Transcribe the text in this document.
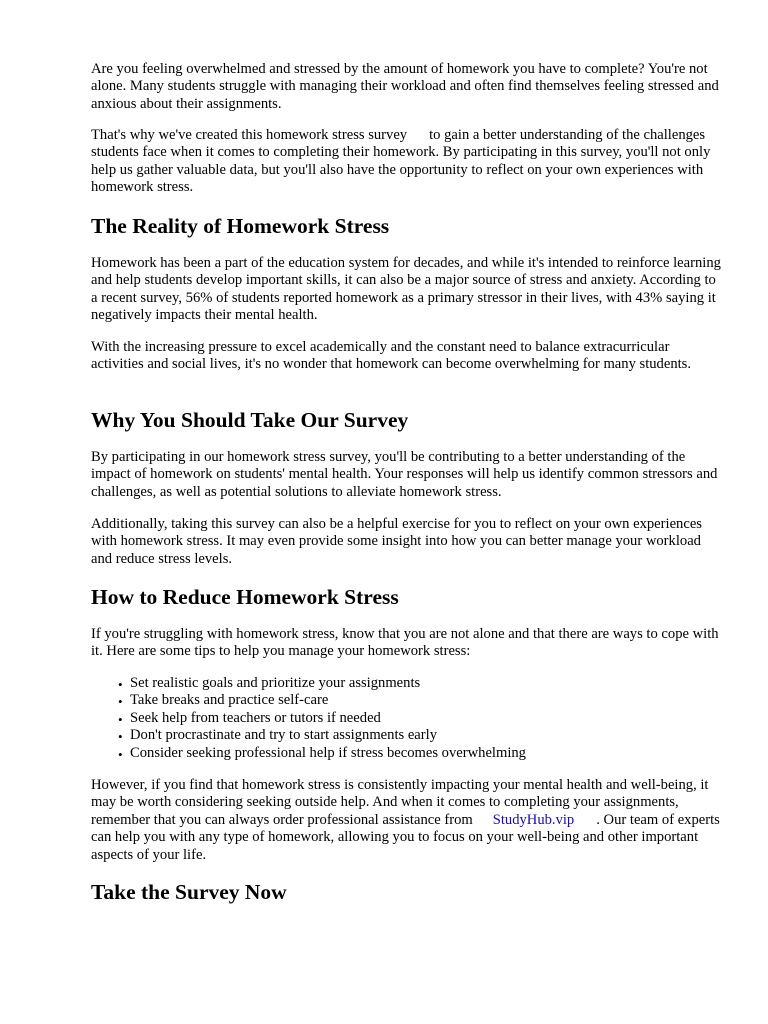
Are you feeling overwhelmed and stressed by the amount of homework you have to complete? You're not alone. Many students struggle with managing their workload and often find themselves feeling stressed and anxious about their assignments.

That's why we've created this homework stress survey to gain a better understanding of the challenges students face when it comes to completing their homework. By participating in this survey, you'll not only help us gather valuable data, but you'll also have the opportunity to reflect on your own experiences with homework stress.

The Reality of Homework Stress

Homework has been a part of the education system for decades, and while it's intended to reinforce learning and help students develop important skills, it can also be a major source of stress and anxiety. According to a recent survey, 56% of students reported homework as a primary stressor in their lives, with 43% saying it negatively impacts their mental health.

With the increasing pressure to excel academically and the constant need to balance extracurricular activities and social lives, it's no wonder that homework can become overwhelming for many students.

Why You Should Take Our Survey

By participating in our homework stress survey, you'll be contributing to a better understanding of the impact of homework on students' mental health. Your responses will help us identify common stressors and challenges, as well as potential solutions to alleviate homework stress.

Additionally, taking this survey can also be a helpful exercise for you to reflect on your own experiences with homework stress. It may even provide some insight into how you can better manage your workload and reduce stress levels.

How to Reduce Homework Stress

If you're struggling with homework stress, know that you are not alone and that there are ways to cope with it. Here are some tips to help you manage your homework stress:

• Set realistic goals and prioritize your assignments
• Take breaks and practice self-care
• Seek help from teachers or tutors if needed
• Don't procrastinate and try to start assignments early
• Consider seeking professional help if stress becomes overwhelming

However, if you find that homework stress is consistently impacting your mental health and well-being, it may be worth considering seeking outside help. And when it comes to completing your assignments, remember that you can always order professional assistance from StudyHub.vip . Our team of experts can help you with any type of homework, allowing you to focus on your well-being and other important aspects of your life.

Take the Survey Now
